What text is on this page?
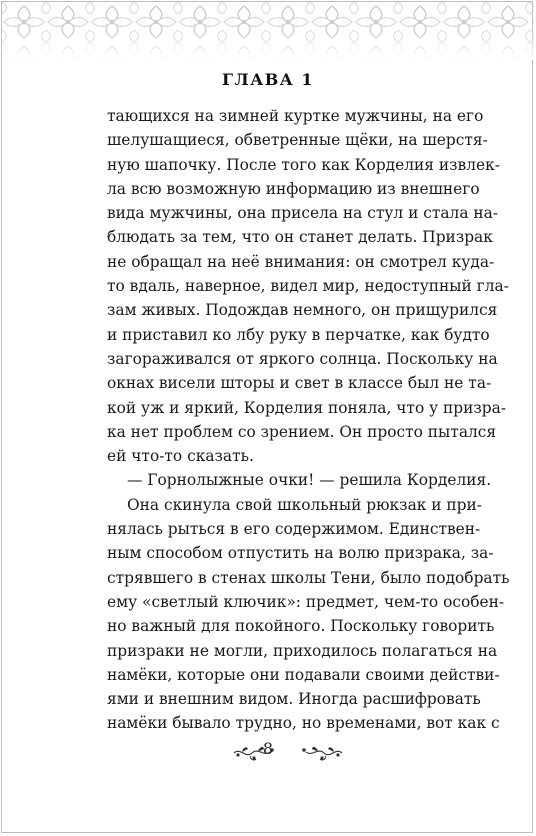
ГЛАВА 1
тающихся на зимней куртке мужчины, на его
шелушащиеся, обветренные щёки, на шерстя-
ную шапочку. После того как Корделия извлек-
ла всю возможную информацию из внешнего
вида мужчины, она присела на стул и стала на-
блюдать за тем, что он станет делать. Призрак
не обращал на неё внимания: он смотрел куда-
то вдаль, наверное, видел мир, недоступный гла-
зам живых. Подождав немного, он прищурился
и приставил ко лбу руку в перчатке, как будто
загораживался от яркого солнца. Поскольку на
окнах висели шторы и свет в классе был не та-
кой уж и яркий, Корделия поняла, что у призра-
ка нет проблем со зрением. Он просто пытался
ей что-то сказать.
— Горнолыжные очки! — решила Корделия.
Она скинула свой школьный рюкзак и при-
нялась рыться в его содержимом. Единствен-
ным способом отпустить на волю призрака, за-
стрявшего в стенах школы Тени, было подобрать
ему «светлый ключик»: предмет, чем-то особен-
но важный для покойного. Поскольку говорить
призраки не могли, приходилось полагаться на
намёки, которые они подавали своими действи-
ями и внешним видом. Иногда расшифровать
намёки бывало трудно, но временами, вот как с
8
